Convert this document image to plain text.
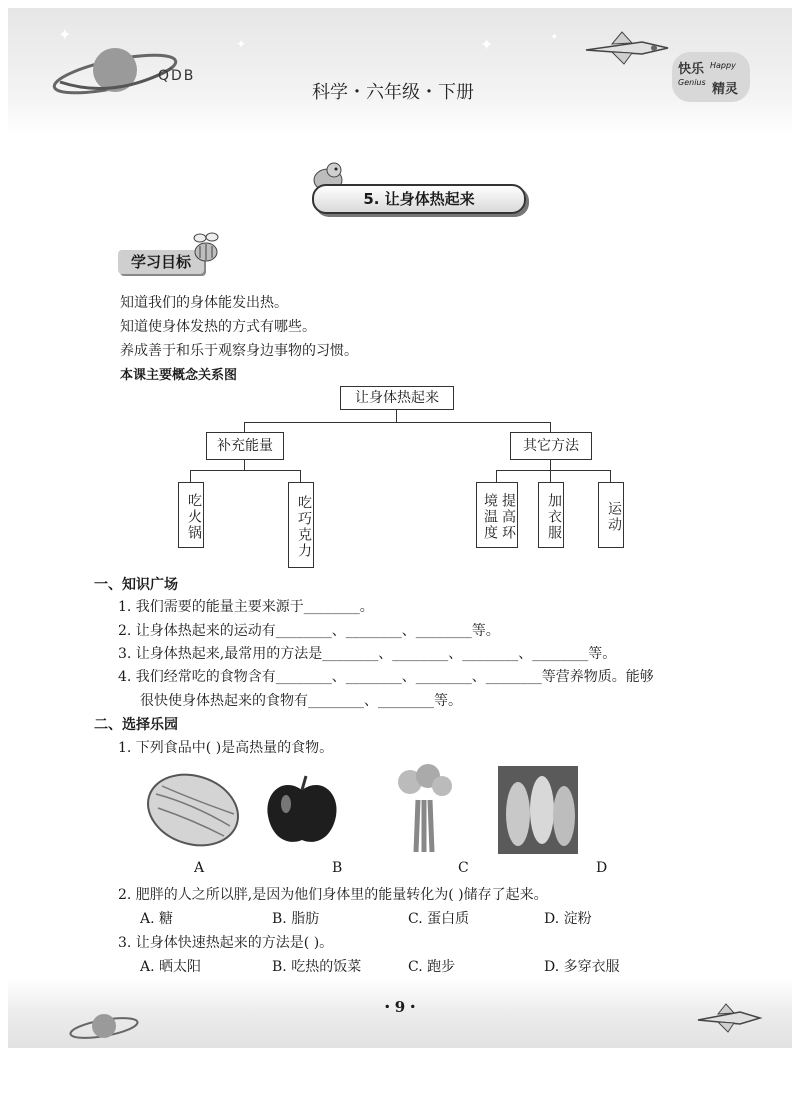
✦	✦	✦	✦
QDB
科学・六年级・下册
快乐 Happy
Genius 精灵
5. 让身体热起来
学习目标
知道我们的身体能发出热。
知道使身体发热的方式有哪些。
养成善于和乐于观察身边事物的习惯。
本课主要概念关系图
让身体热起来
补充能量	其它方法
吃火锅	吃巧克力	提高环境温度	加衣服	运动
一、知识广场
1. 我们需要的能量主要来源于________。
2. 让身体热起来的运动有________、________、________等。
3. 让身体热起来,最常用的方法是________、________、________、________等。
4. 我们经常吃的食物含有________、________、________、________等营养物质。能够
很快使身体热起来的食物有________、________等。
二、选择乐园
1. 下列食品中( )是高热量的食物。
A	B	C	D
2. 肥胖的人之所以胖,是因为他们身体里的能量转化为( )储存了起来。
A. 糖	B. 脂肪	C. 蛋白质	D. 淀粉
3. 让身体快速热起来的方法是( )。
A. 晒太阳	B. 吃热的饭菜	C. 跑步	D. 多穿衣服
・9・
